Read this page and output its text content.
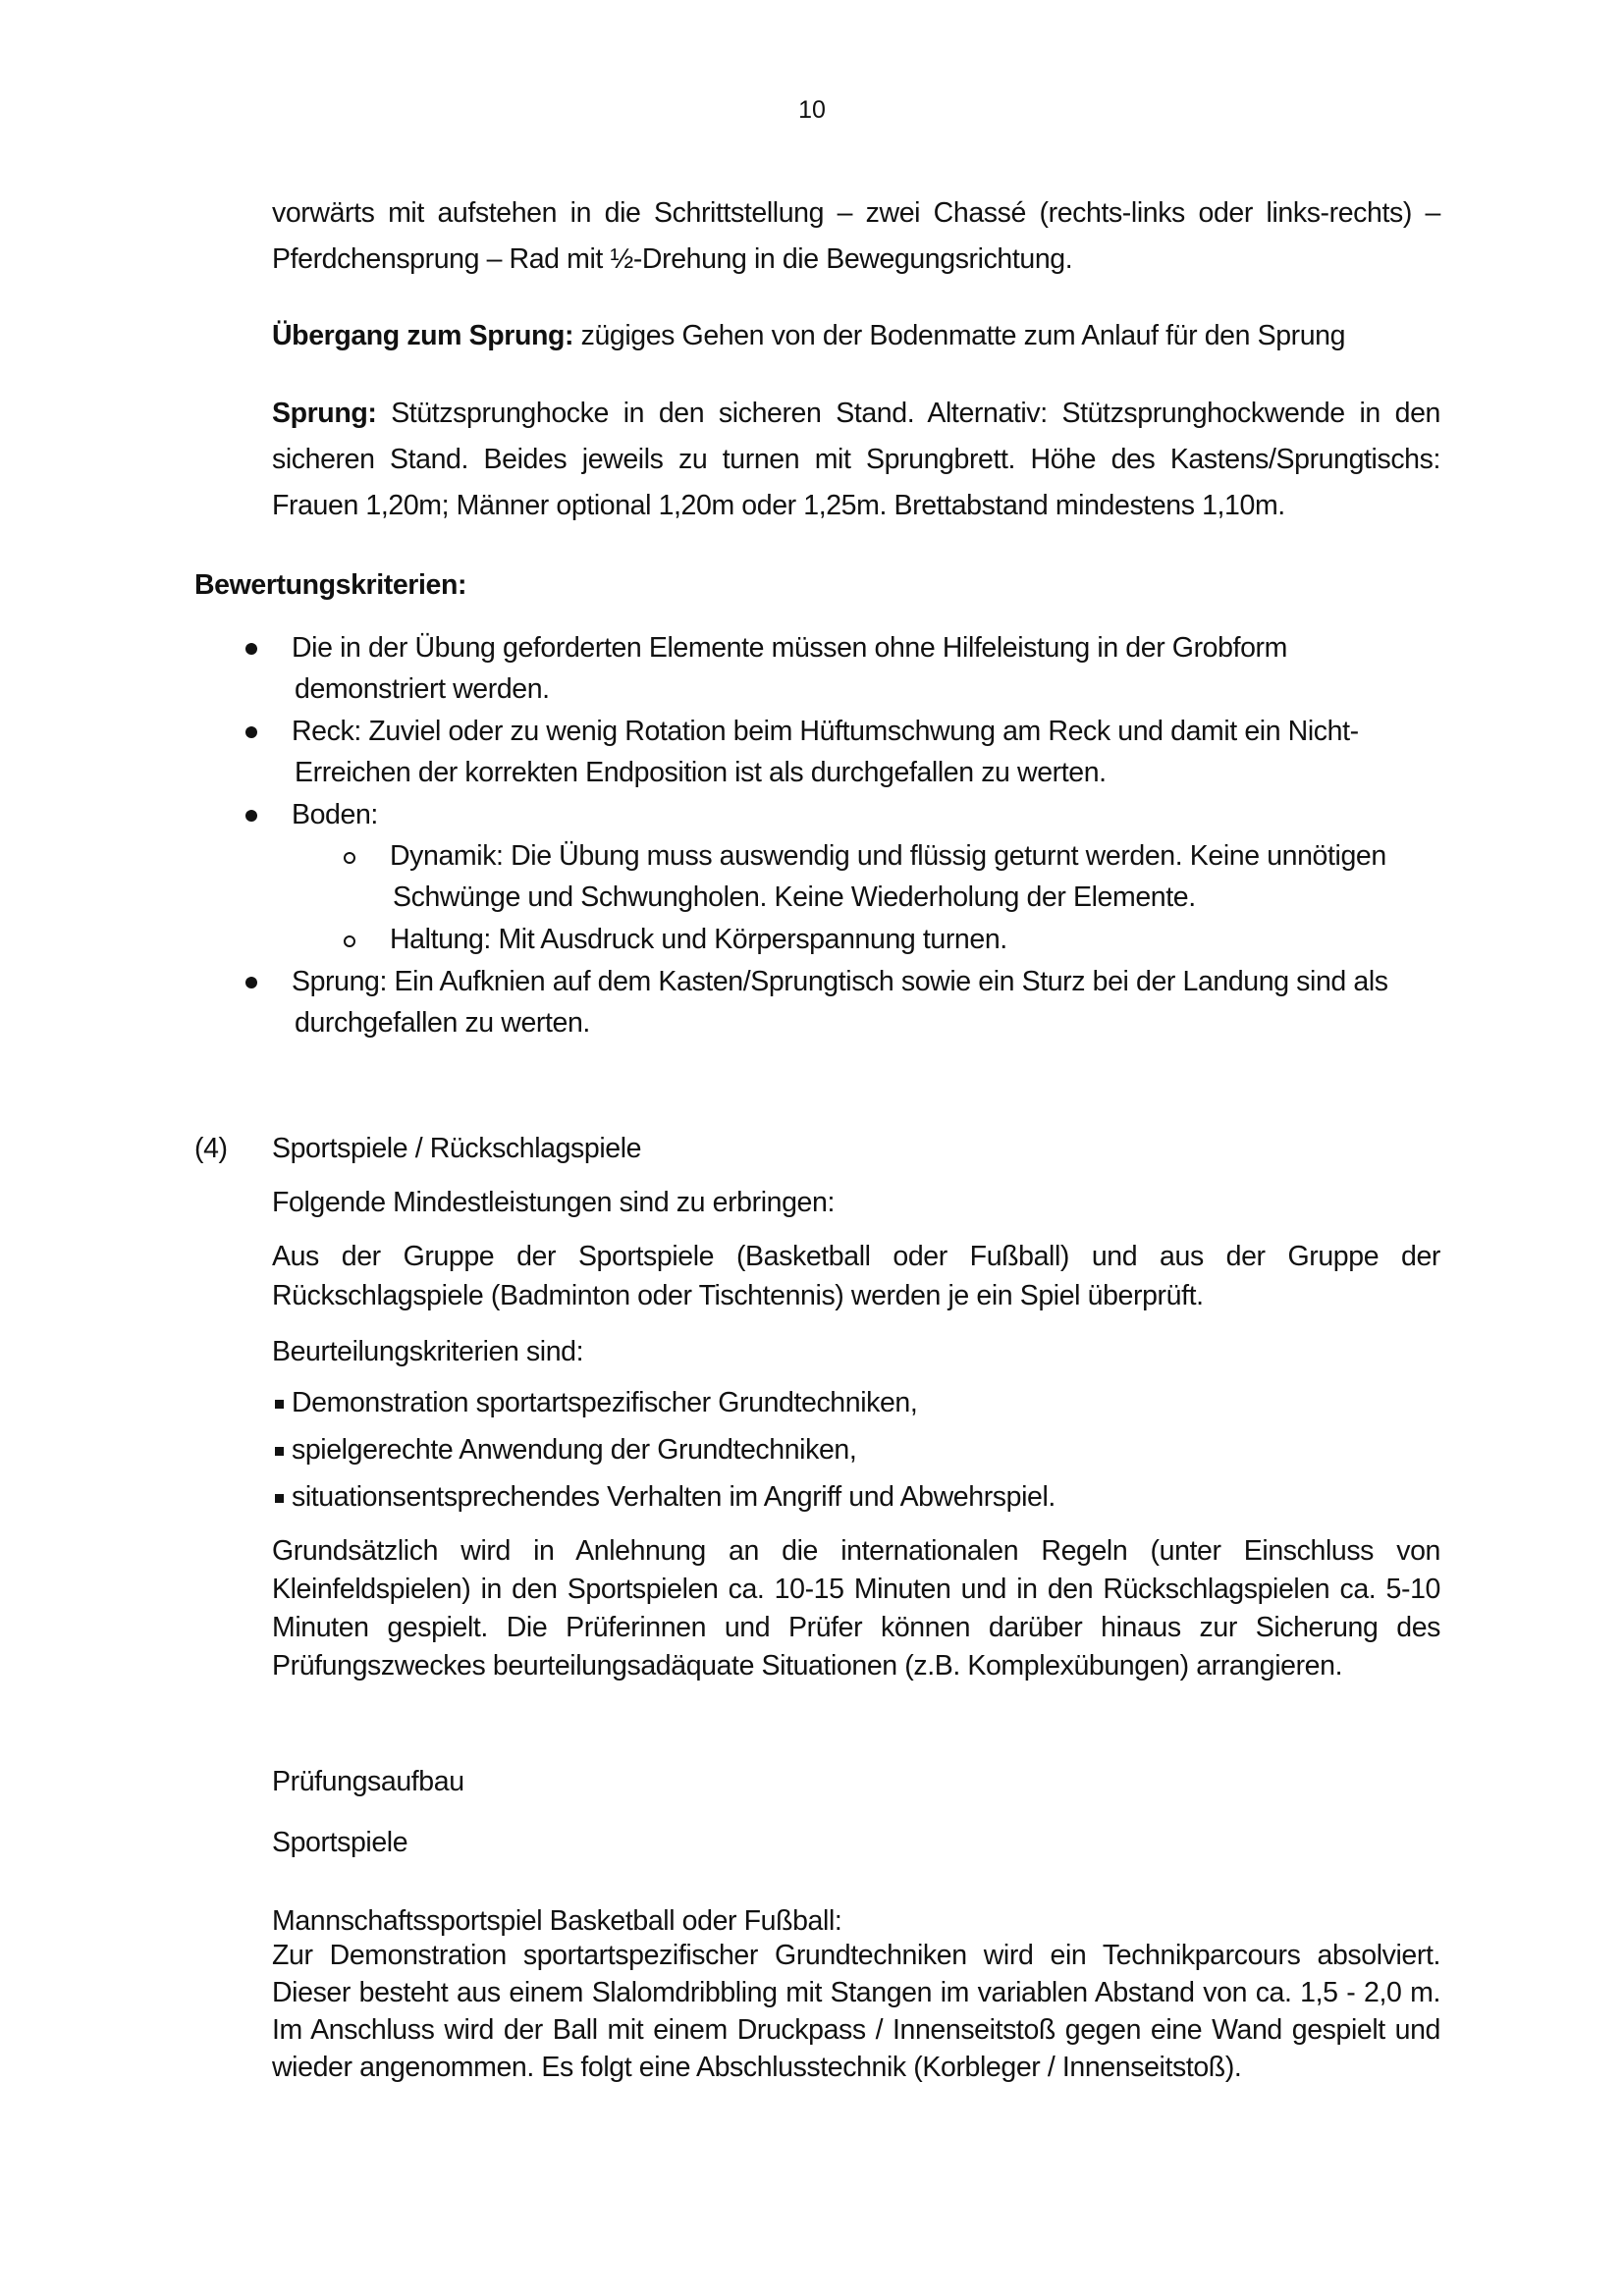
10
vorwärts mit aufstehen in die Schrittstellung – zwei Chassé (rechts-links oder links-rechts) –
Pferdchensprung – Rad mit ½-Drehung in die Bewegungsrichtung.
Übergang zum Sprung: zügiges Gehen von der Bodenmatte zum Anlauf für den Sprung
Sprung: Stützsprunghocke in den sicheren Stand. Alternativ: Stützsprunghockwende in den sicheren Stand. Beides jeweils zu turnen mit Sprungbrett. Höhe des Kastens/Sprungtischs: Frauen 1,20m; Männer optional 1,20m oder 1,25m. Brettabstand mindestens 1,10m.
Bewertungskriterien:
Die in der Übung geforderten Elemente müssen ohne Hilfeleistung in der Grobform
demonstriert werden.
Reck: Zuviel oder zu wenig Rotation beim Hüftumschwung am Reck und damit ein Nicht-
Erreichen der korrekten Endposition ist als durchgefallen zu werten.
Boden:
Dynamik: Die Übung muss auswendig und flüssig geturnt werden. Keine unnötigen
Schwünge und Schwungholen. Keine Wiederholung der Elemente.
Haltung: Mit Ausdruck und Körperspannung turnen.
Sprung: Ein Aufknien auf dem Kasten/Sprungtisch sowie ein Sturz bei der Landung sind als
durchgefallen zu werten.
(4) Sportspiele / Rückschlagspiele
Folgende Mindestleistungen sind zu erbringen:
Aus der Gruppe der Sportspiele (Basketball oder Fußball) und aus der Gruppe der Rückschlagspiele (Badminton oder Tischtennis) werden je ein Spiel überprüft.
Beurteilungskriterien sind:
Demonstration sportartspezifischer Grundtechniken,
spielgerechte Anwendung der Grundtechniken,
situationsentsprechendes Verhalten im Angriff und Abwehrspiel.
Grundsätzlich wird in Anlehnung an die internationalen Regeln (unter Einschluss von Kleinfeldspielen) in den Sportspielen ca. 10-15 Minuten und in den Rückschlagspielen ca. 5-10 Minuten gespielt. Die Prüferinnen und Prüfer können darüber hinaus zur Sicherung des Prüfungszweckes beurteilungsadäquate Situationen (z.B. Komplexübungen) arrangieren.
Prüfungsaufbau
Sportspiele
Mannschaftssportspiel Basketball oder Fußball:
Zur Demonstration sportartspezifischer Grundtechniken wird ein Technikparcours absolviert. Dieser besteht aus einem Slalomdribbling mit Stangen im variablen Abstand von ca. 1,5 - 2,0 m. Im Anschluss wird der Ball mit einem Druckpass / Innenseitstoß gegen eine Wand gespielt und wieder angenommen. Es folgt eine Abschlusstechnik (Korbleger / Innenseitstoß).
